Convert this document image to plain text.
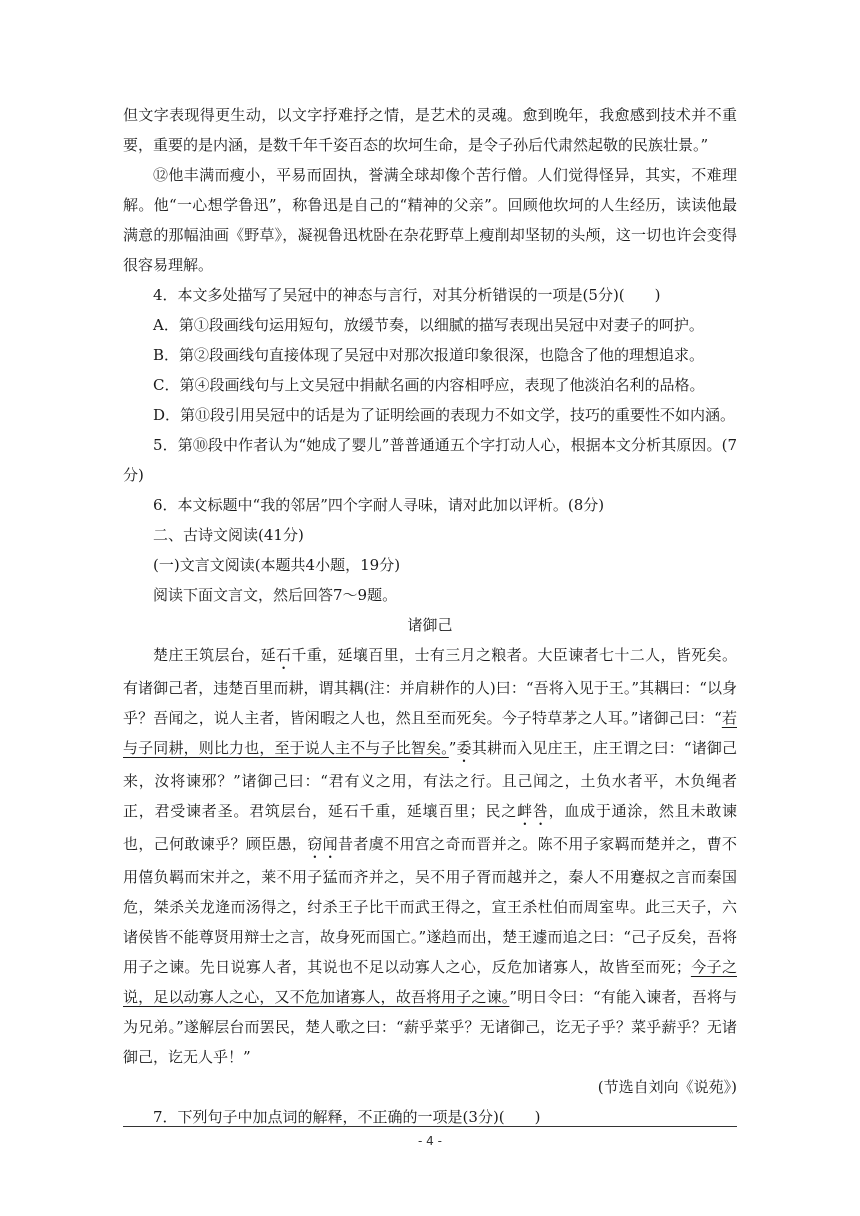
但文字表现得更生动，以文字抒难抒之情，是艺术的灵魂。愈到晚年，我愈感到技术并不重要，重要的是内涵，是数千年千姿百态的坎坷生命，是令子孙后代肃然起敬的民族壮景。”

⑫他丰满而瘦小，平易而固执，誉满全球却像个苦行僧。人们觉得怪异，其实，不难理解。他“一心想学鲁迅”，称鲁迅是自己的“精神的父亲”。回顾他坎坷的人生经历，读读他最满意的那幅油画《野草》，凝视鲁迅枕卧在杂花野草上瘦削却坚韧的头颅，这一切也许会变得很容易理解。

4．本文多处描写了吴冠中的神态与言行，对其分析错误的一项是(5分)(　　)

A．第①段画线句运用短句，放缓节奏，以细腻的描写表现出吴冠中对妻子的呵护。

B．第②段画线句直接体现了吴冠中对那次报道印象很深，也隐含了他的理想追求。

C．第④段画线句与上文吴冠中捐献名画的内容相呼应，表现了他淡泊名利的品格。

D．第⑪段引用吴冠中的话是为了证明绘画的表现力不如文学，技巧的重要性不如内涵。

5．第⑩段中作者认为“她成了婴儿”普普通通五个字打动人心，根据本文分析其原因。(7分)

6．本文标题中“我的邻居”四个字耐人寻味，请对此加以评析。(8分)

二、古诗文阅读(41分)

(一)文言文阅读(本题共4小题，19分)

阅读下面文言文，然后回答7～9题。

诸御己

楚庄王筑层台，延石千重，延壤百里，士有三月之粮者。大臣谏者七十二人，皆死矣。有诸御己者，违楚百里而耕，谓其耦(注：并肩耕作的人)曰：“吾将入见于王。”其耦曰：“以身乎？吾闻之，说人主者，皆闲暇之人也，然且至而死矣。今子特草茅之人耳。”诸御己曰：“若与子同耕，则比力也，至于说人主不与子比智矣。”委其耕而入见庄王，庄王谓之曰：“诸御己来，汝将谏邪？”诸御己曰：“君有义之用，有法之行。且己闻之，土负水者平，木负绳者正，君受谏者圣。君筑层台，延石千重，延壤百里；民之衅咎，血成于通涂，然且未敢谏也，己何敢谏乎？顾臣愚，窃闻昔者虞不用宫之奇而晋并之。陈不用子家羁而楚并之，曹不用僖负羁而宋并之，莱不用子猛而齐并之，吴不用子胥而越并之，秦人不用蹇叔之言而秦国危，桀杀关龙逄而汤得之，纣杀王子比干而武王得之，宣王杀杜伯而周室卑。此三天子，六诸侯皆不能尊贤用辩士之言，故身死而国亡。”遂趋而出，楚王遽而追之曰：“己子反矣，吾将用子之谏。先日说寡人者，其说也不足以动寡人之心，反危加诸寡人，故皆至而死；今子之说，足以动寡人之心，又不危加诸寡人，故吾将用子之谏。”明日令曰：“有能入谏者，吾将与为兄弟。”遂解层台而罢民，楚人歌之曰：“薪乎菜乎？无诸御己，讫无子乎？菜乎薪乎？无诸御己，讫无人乎！”

(节选自刘向《说苑》)

7．下列句子中加点词的解释，不正确的一项是(3分)(　　)

- 4 -
